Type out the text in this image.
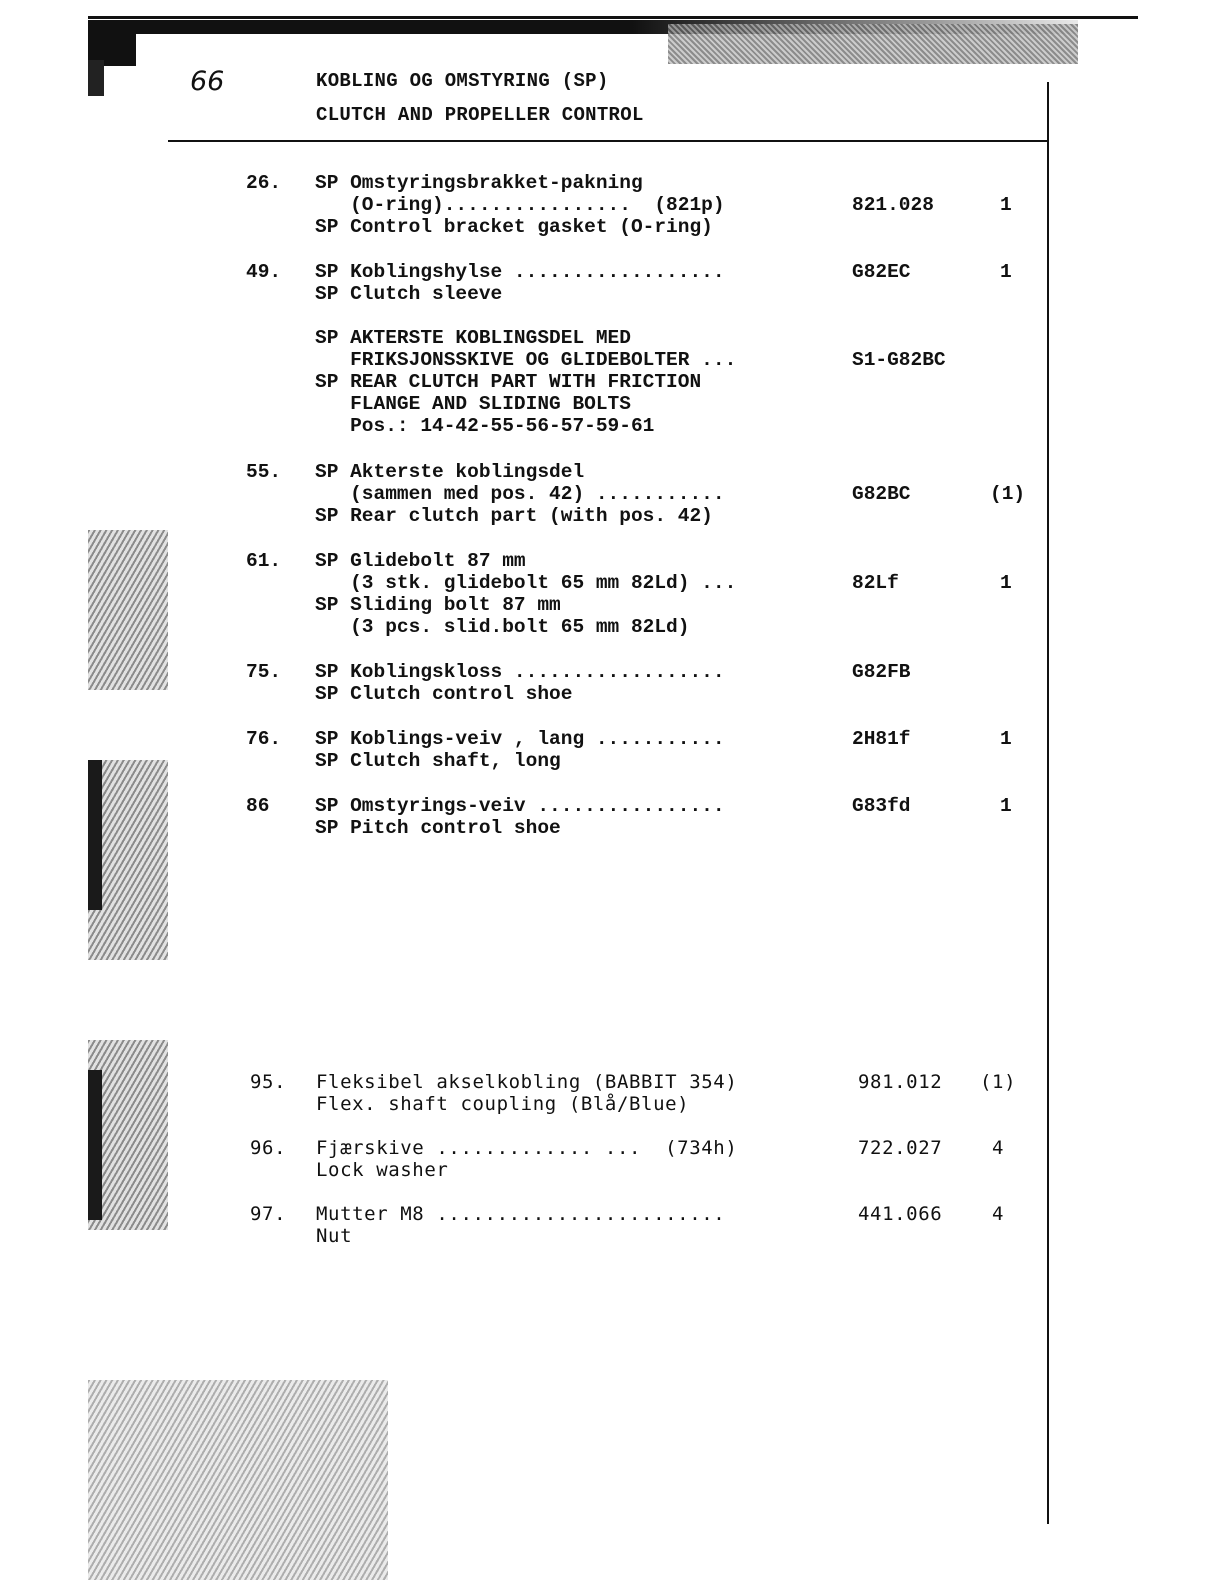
66	KOBLING OG OMSTYRING (SP)
CLUTCH AND PROPELLER CONTROL
26. SP Omstyringsbrakket-pakning
(O-ring)................  (821p)
SP Control bracket gasket (O-ring)
821.028	1
49. SP Koblingshylse ..................
SP Clutch sleeve
G82EC	1
SP AKTERSTE KOBLINGSDEL MED
FRIKSJONSSKIVE OG GLIDEBOLTER ...
SP REAR CLUTCH PART WITH FRICTION
FLANGE AND SLIDING BOLTS
Pos.: 14-42-55-56-57-59-61
S1-G82BC
55. SP Akterste koblingsdel
(sammen med pos. 42) ...........
SP Rear clutch part (with pos. 42)
G82BC	(1)
61. SP Glidebolt 87 mm
(3 stk. glidebolt 65 mm 82Ld) ...
SP Sliding bolt 87 mm
(3 pcs. slid.bolt 65 mm 82Ld)
82Lf	1
75. SP Koblingskloss ..................
SP Clutch control shoe
G82FB
76. SP Koblings-veiv , lang ...........
SP Clutch shaft, long
2H81f	1
86 SP Omstyrings-veiv ................
SP Pitch control shoe
G83fd	1
95. Fleksibel akselkobling (BABBIT 354)
Flex. shaft coupling (Blå/Blue)
981.012 (1)
96. Fjærskive ............. ...  (734h)
Lock washer
722.027	4
97. Mutter M8 ........................
Nut
441.066	4
